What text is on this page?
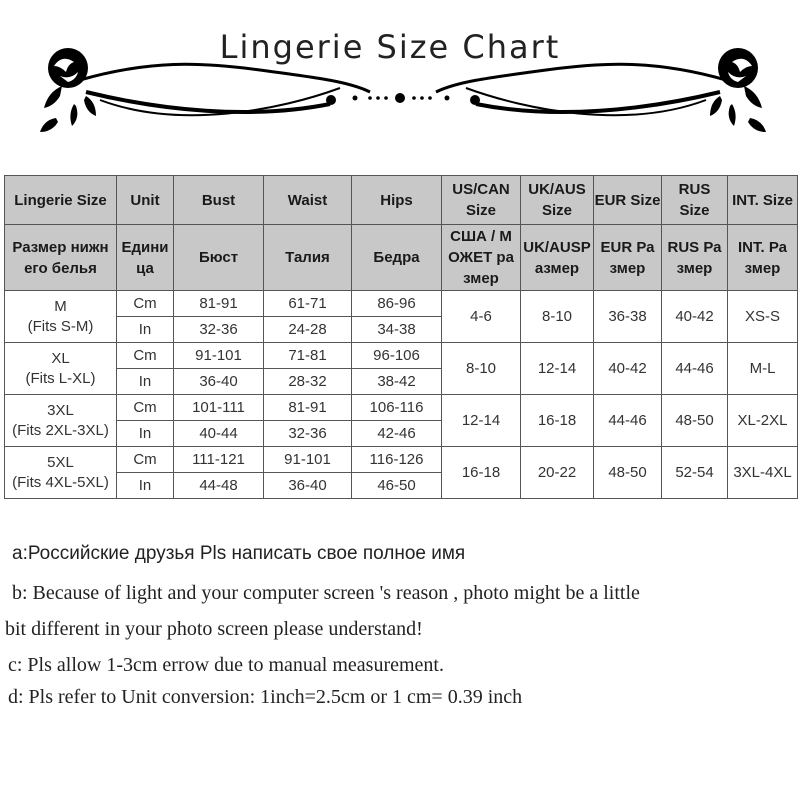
Lingerie Size Chart
Lingerie Size	Unit	Bust	Waist	Hips	US/CAN Size	UK/AUS Size	EUR Size	RUS Size	INT. Size
Размер нижн его белья	Едини ца	Бюст	Талия	Бедра	США / М ОЖЕТ ра змер	UK/AUSP азмер	EUR Ра змер	RUS Ра змер	INT. Ра змер
M
(Fits S-M)	Cm	81-91	61-71	86-96	4-6	8-10	36-38	40-42	XS-S
	In	32-36	24-28	34-38					
XL
(Fits L-XL)	Cm	91-101	71-81	96-106	8-10	12-14	40-42	44-46	M-L
	In	36-40	28-32	38-42					
3XL
(Fits 2XL-3XL)	Cm	101-111	81-91	106-116	12-14	16-18	44-46	48-50	XL-2XL
	In	40-44	32-36	42-46					
5XL
(Fits 4XL-5XL)	Cm	111-121	91-101	116-126	16-18	20-22	48-50	52-54	3XL-4XL
	In	44-48	36-40	46-50					
a:Российские друзья Pls написать свое полное имя
b: Because of light and your computer screen 's reason , photo might be a little
bit different in your photo screen please understand!
c: Pls allow 1-3cm errow due to manual measurement.
d: Pls refer to Unit conversion: 1inch=2.5cm or 1 cm= 0.39 inch
